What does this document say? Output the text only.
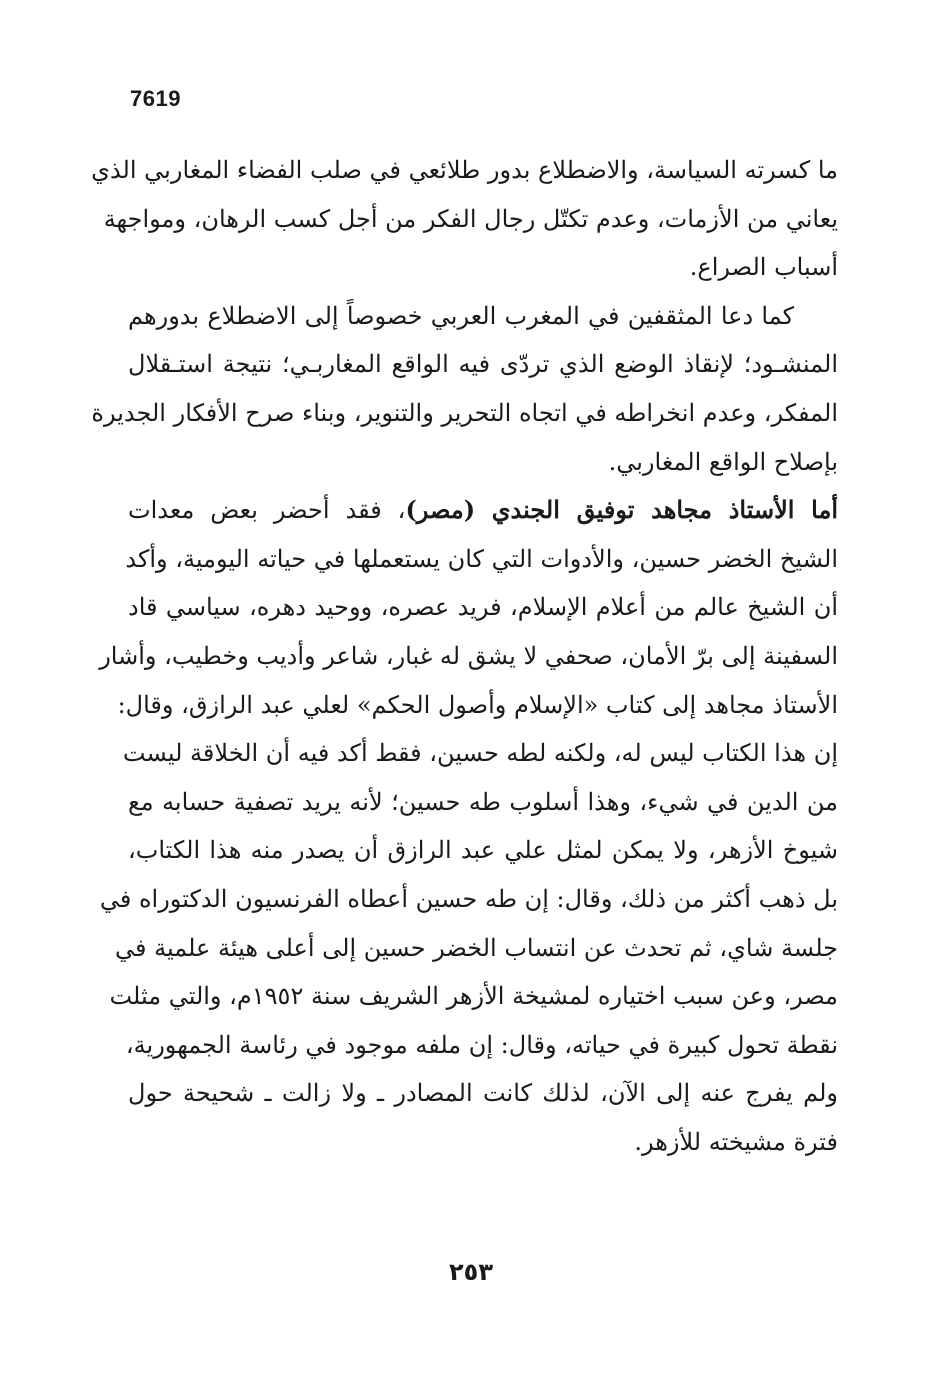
7619

ما كسرته السياسة، والاضطلاع بدور طلائعي في صلب الفضاء المغاربي الذي
يعاني من الأزمات، وعدم تكتّل رجال الفكر من أجل كسب الرهان، ومواجهة
أسباب الصراع.

كما دعا المثقفين في المغرب العربي خصوصاً إلى الاضطلاع بدورهم
المنشـود؛ لإنقاذ الوضع الذي تردّى فيه الواقع المغاربـي؛ نتيجة استـقلال
المفكر، وعدم انخراطه في اتجاه التحرير والتنوير، وبناء صرح الأفكار الجديرة
بإصلاح الواقع المغاربي.

أما الأستاذ مجاهد توفيق الجندي (مصر)، فقد أحضر بعض معدات
الشيخ الخضر حسين، والأدوات التي كان يستعملها في حياته اليومية، وأكد
أن الشيخ عالم من أعلام الإسلام، فريد عصره، ووحيد دهره، سياسي قاد
السفينة إلى برّ الأمان، صحفي لا يشق له غبار، شاعر وأديب وخطيب، وأشار
الأستاذ مجاهد إلى كتاب «الإسلام وأصول الحكم» لعلي عبد الرازق، وقال:
إن هذا الكتاب ليس له، ولكنه لطه حسين، فقط أكد فيه أن الخلاقة ليست
من الدين في شيء، وهذا أسلوب طه حسين؛ لأنه يريد تصفية حسابه مع
شيوخ الأزهر، ولا يمكن لمثل علي عبد الرازق أن يصدر منه هذا الكتاب،
بل ذهب أكثر من ذلك، وقال: إن طه حسين أعطاه الفرنسيون الدكتوراه في
جلسة شاي، ثم تحدث عن انتساب الخضر حسين إلى أعلى هيئة علمية في
مصر، وعن سبب اختياره لمشيخة الأزهر الشريف سنة ١٩٥٢م، والتي مثلت
نقطة تحول كبيرة في حياته، وقال: إن ملفه موجود في رئاسة الجمهورية،
ولم يفرج عنه إلى الآن، لذلك كانت المصادر ـ ولا زالت ـ شحيحة حول
فترة مشيخته للأزهر.

٢٥٣
